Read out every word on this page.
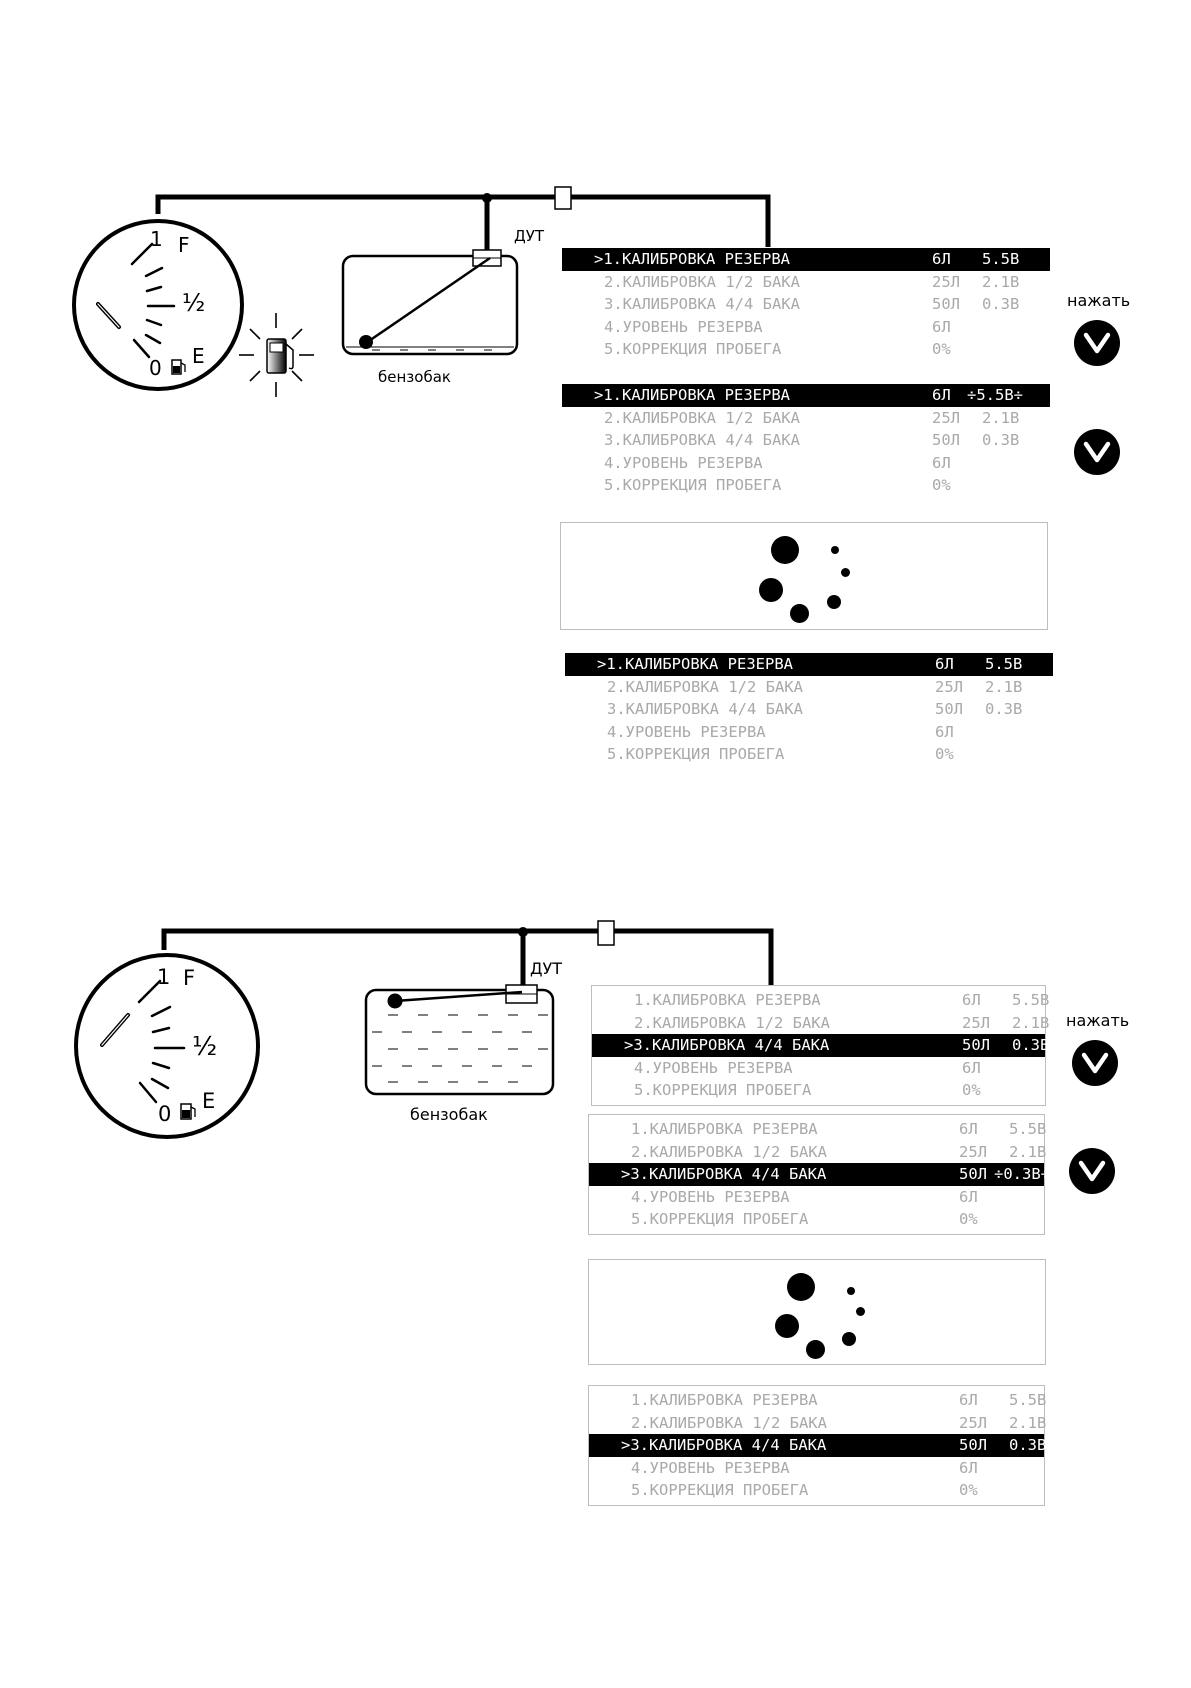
1 F
½
0 E
ДУТ
бензобак
1 F
½
0
E
ДУТ
бензобак
>1.КАЛИБРОВКА РЕЗЕРВА	6Л 5.5В
2.КАЛИБРОВКА 1/2 БАКА	25Л 2.1В
3.КАЛИБРОВКА 4/4 БАКА	50Л 0.3В
4.УРОВЕНЬ РЕЗЕРВА	6Л
5.КОРРЕКЦИЯ ПРОБЕГА	0%
>1.КАЛИБРОВКА РЕЗЕРВА	6Л ÷5.5В÷
2.КАЛИБРОВКА 1/2 БАКА	25Л 2.1В
3.КАЛИБРОВКА 4/4 БАКА	50Л 0.3В
4.УРОВЕНЬ РЕЗЕРВА	6Л
5.КОРРЕКЦИЯ ПРОБЕГА	0%
>1.КАЛИБРОВКА РЕЗЕРВА	6Л 5.5В
2.КАЛИБРОВКА 1/2 БАКА	25Л 2.1В
3.КАЛИБРОВКА 4/4 БАКА	50Л 0.3В
4.УРОВЕНЬ РЕЗЕРВА	6Л
5.КОРРЕКЦИЯ ПРОБЕГА	0%
1.КАЛИБРОВКА РЕЗЕРВА	6Л 5.5В
2.КАЛИБРОВКА 1/2 БАКА	25Л 2.1В
>3.КАЛИБРОВКА 4/4 БАКА	50Л 0.3В
4.УРОВЕНЬ РЕЗЕРВА	6Л
5.КОРРЕКЦИЯ ПРОБЕГА	0%
1.КАЛИБРОВКА РЕЗЕРВА	6Л 5.5В
2.КАЛИБРОВКА 1/2 БАКА	25Л 2.1В
>3.КАЛИБРОВКА 4/4 БАКА	50Л ÷0.3В÷
4.УРОВЕНЬ РЕЗЕРВА	6Л
5.КОРРЕКЦИЯ ПРОБЕГА	0%
1.КАЛИБРОВКА РЕЗЕРВА	6Л 5.5В
2.КАЛИБРОВКА 1/2 БАКА	25Л 2.1В
>3.КАЛИБРОВКА 4/4 БАКА	50Л 0.3В
4.УРОВЕНЬ РЕЗЕРВА	6Л
5.КОРРЕКЦИЯ ПРОБЕГА	0%
нажать
нажать
